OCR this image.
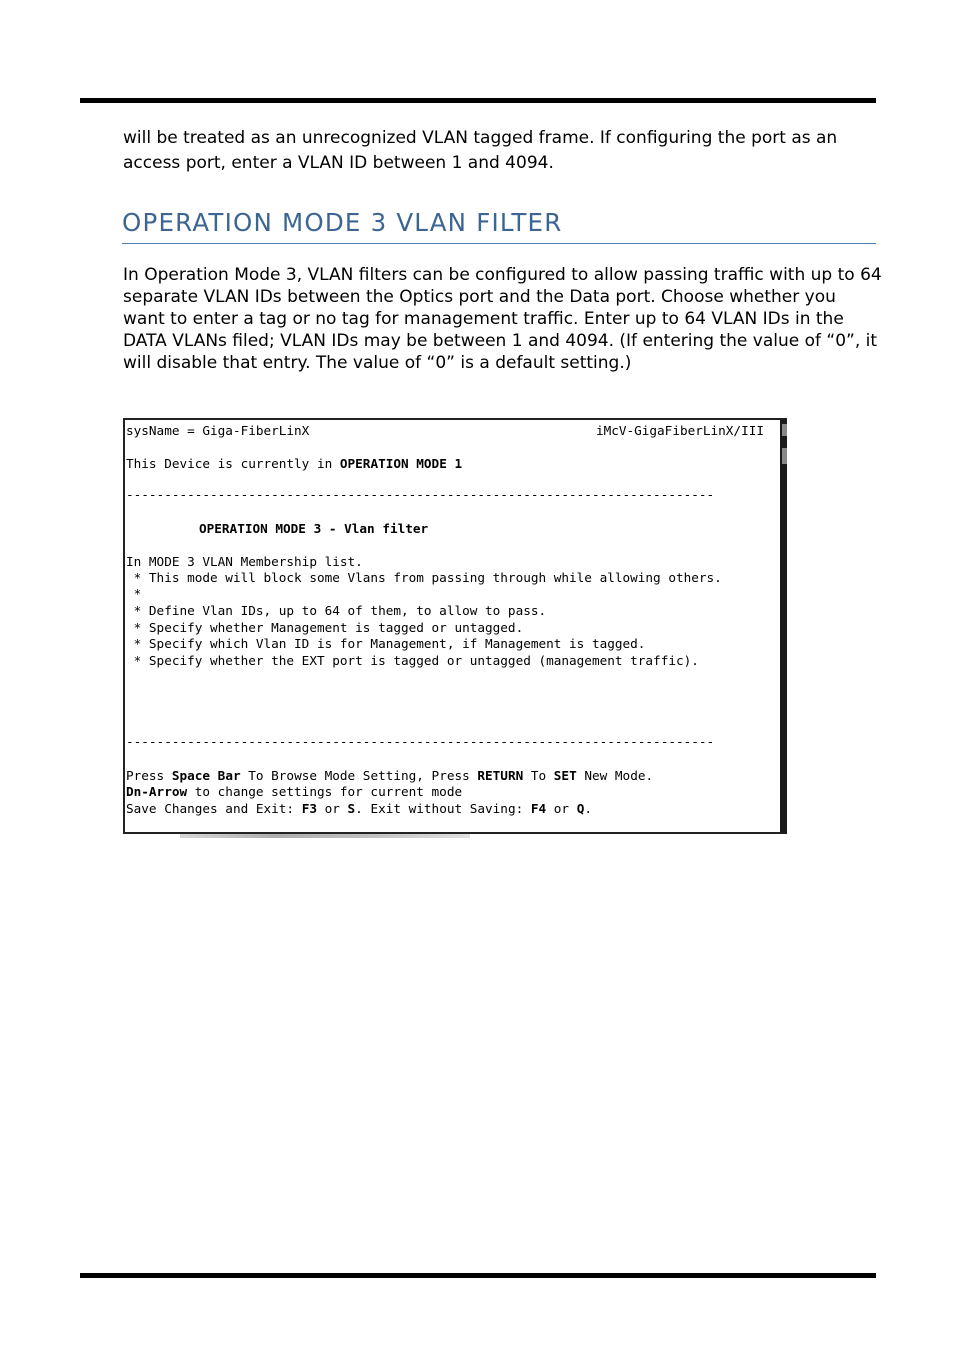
will be treated as an unrecognized VLAN tagged frame. If configuring the port as an access port, enter a VLAN ID between 1 and 4094.

OPERATION MODE 3 VLAN FILTER

In Operation Mode 3, VLAN filters can be configured to allow passing traffic with up to 64 separate VLAN IDs between the Optics port and the Data port. Choose whether you want to enter a tag or no tag for management traffic. Enter up to 64 VLAN IDs in the DATA VLANs filed; VLAN IDs may be between 1 and 4094. (If entering the value of “0”, it will disable that entry. The value of “0” is a default setting.)

sysName = Giga-FiberLinX	iMcV-GigaFiberLinX/III
This Device is currently in OPERATION MODE 1
-----------------------------------------------------------------------------
OPERATION MODE 3 - Vlan filter
In MODE 3 VLAN Membership list.
* This mode will block some Vlans from passing through while allowing others.
*
* Define Vlan IDs, up to 64 of them, to allow to pass.
* Specify whether Management is tagged or untagged.
* Specify which Vlan ID is for Management, if Management is tagged.
* Specify whether the EXT port is tagged or untagged (management traffic).
-----------------------------------------------------------------------------
Press Space Bar To Browse Mode Setting, Press RETURN To SET New Mode.
Dn-Arrow to change settings for current mode
Save Changes and Exit: F3 or S. Exit without Saving: F4 or Q.
